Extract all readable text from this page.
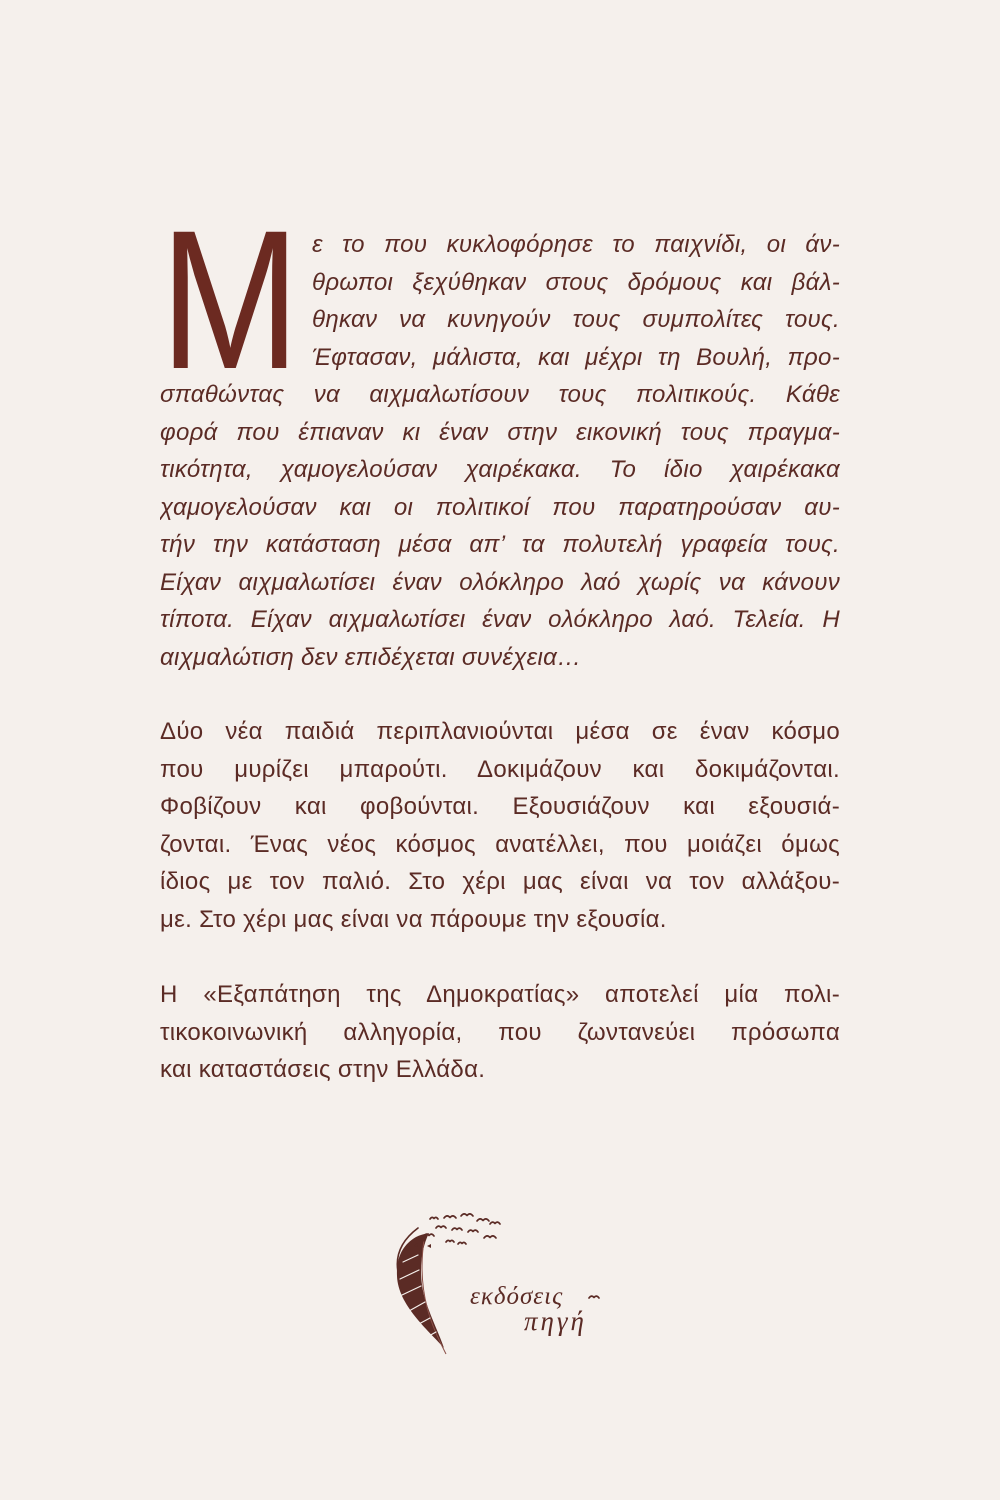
Μ ε το που κυκλοφόρησε το παιχνίδι, οι άν-
θρωποι ξεχύθηκαν στους δρόμους και βάλ-
θηκαν να κυνηγούν τους συμπολίτες τους.
Έφτασαν, μάλιστα, και μέχρι τη Βουλή, προ-
σπαθώντας να αιχμαλωτίσουν τους πολιτικούς. Κάθε
φορά που έπιαναν κι έναν στην εικονική τους πραγμα-
τικότητα, χαμογελούσαν χαιρέκακα. Το ίδιο χαιρέκακα
χαμογελούσαν και οι πολιτικοί που παρατηρούσαν αυ-
τήν την κατάσταση μέσα απ’ τα πολυτελή γραφεία τους.
Είχαν αιχμαλωτίσει έναν ολόκληρο λαό χωρίς να κάνουν
τίποτα. Είχαν αιχμαλωτίσει έναν ολόκληρο λαό. Τελεία. Η
αιχμαλώτιση δεν επιδέχεται συνέχεια…
Δύο νέα παιδιά περιπλανιούνται μέσα σε έναν κόσμο
που μυρίζει μπαρούτι. Δοκιμάζουν και δοκιμάζονται.
Φοβίζουν και φοβούνται. Εξουσιάζουν και εξουσιά-
ζονται. Ένας νέος κόσμος ανατέλλει, που μοιάζει όμως
ίδιος με τον παλιό. Στο χέρι μας είναι να τον αλλάξου-
με. Στο χέρι μας είναι να πάρουμε την εξουσία.
Η «Εξαπάτηση της Δημοκρατίας» αποτελεί μία πολι-
τικοκοινωνική αλληγορία, που ζωντανεύει πρόσωπα
και καταστάσεις στην Ελλάδα.
εκδόσεις
πηγή
